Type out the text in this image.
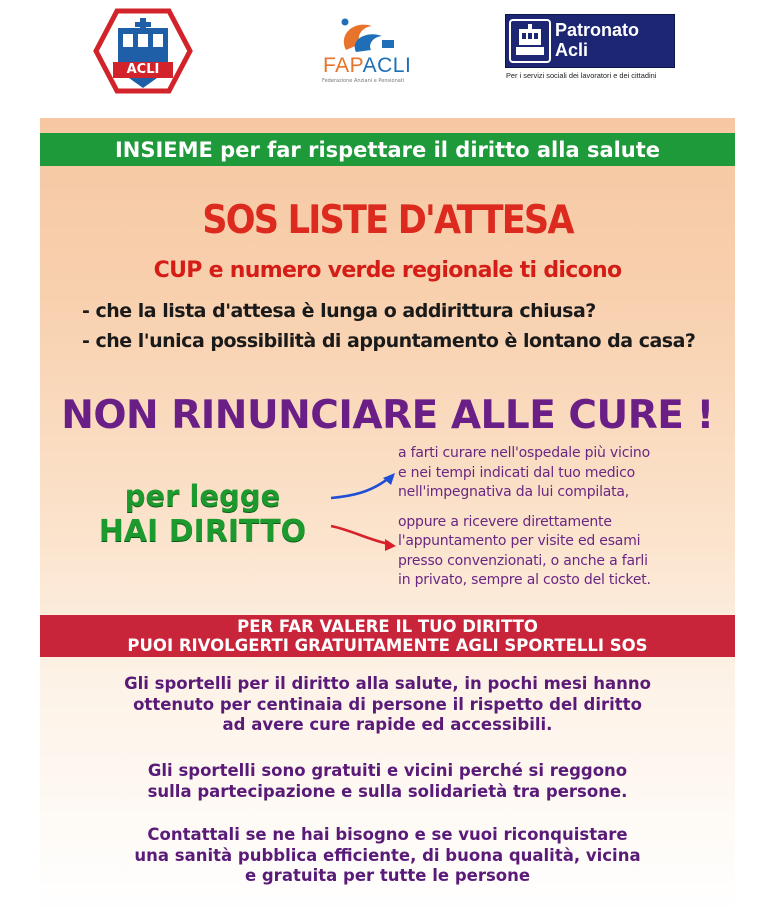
ACLI	FAPACLI
Federazione Anziani e Pensionati
Patronato
Acli
Per i servizi sociali dei lavoratori e dei cittadini
INSIEME per far rispettare il diritto alla salute
SOS LISTE D'ATTESA
CUP e numero verde regionale ti dicono
- che la lista d'attesa è lunga o addirittura chiusa?
- che l'unica possibilità di appuntamento è lontano da casa?
NON RINUNCIARE ALLE CURE !
per legge
HAI DIRITTO

a farti curare nell'ospedale più vicino

e nei tempi indicati dal tuo medico

nell'impegnativa da lui compilata,

oppure a ricevere direttamente

l'appuntamento per visite ed esami

presso convenzionati, o anche a farli

in privato, sempre al costo del ticket.

PER FAR VALERE IL TUO DIRITTO
PUOI RIVOLGERTI GRATUITAMENTE AGLI SPORTELLI SOS

Gli sportelli per il diritto alla salute, in pochi mesi hanno

ottenuto per centinaia di persone il rispetto del diritto

ad avere cure rapide ed accessibili.

Gli sportelli sono gratuiti e vicini perché si reggono

sulla partecipazione e sulla solidarietà tra persone.

Contattali se ne hai bisogno e se vuoi riconquistare

una sanità pubblica efficiente, di buona qualità, vicina

e gratuita per tutte le persone
